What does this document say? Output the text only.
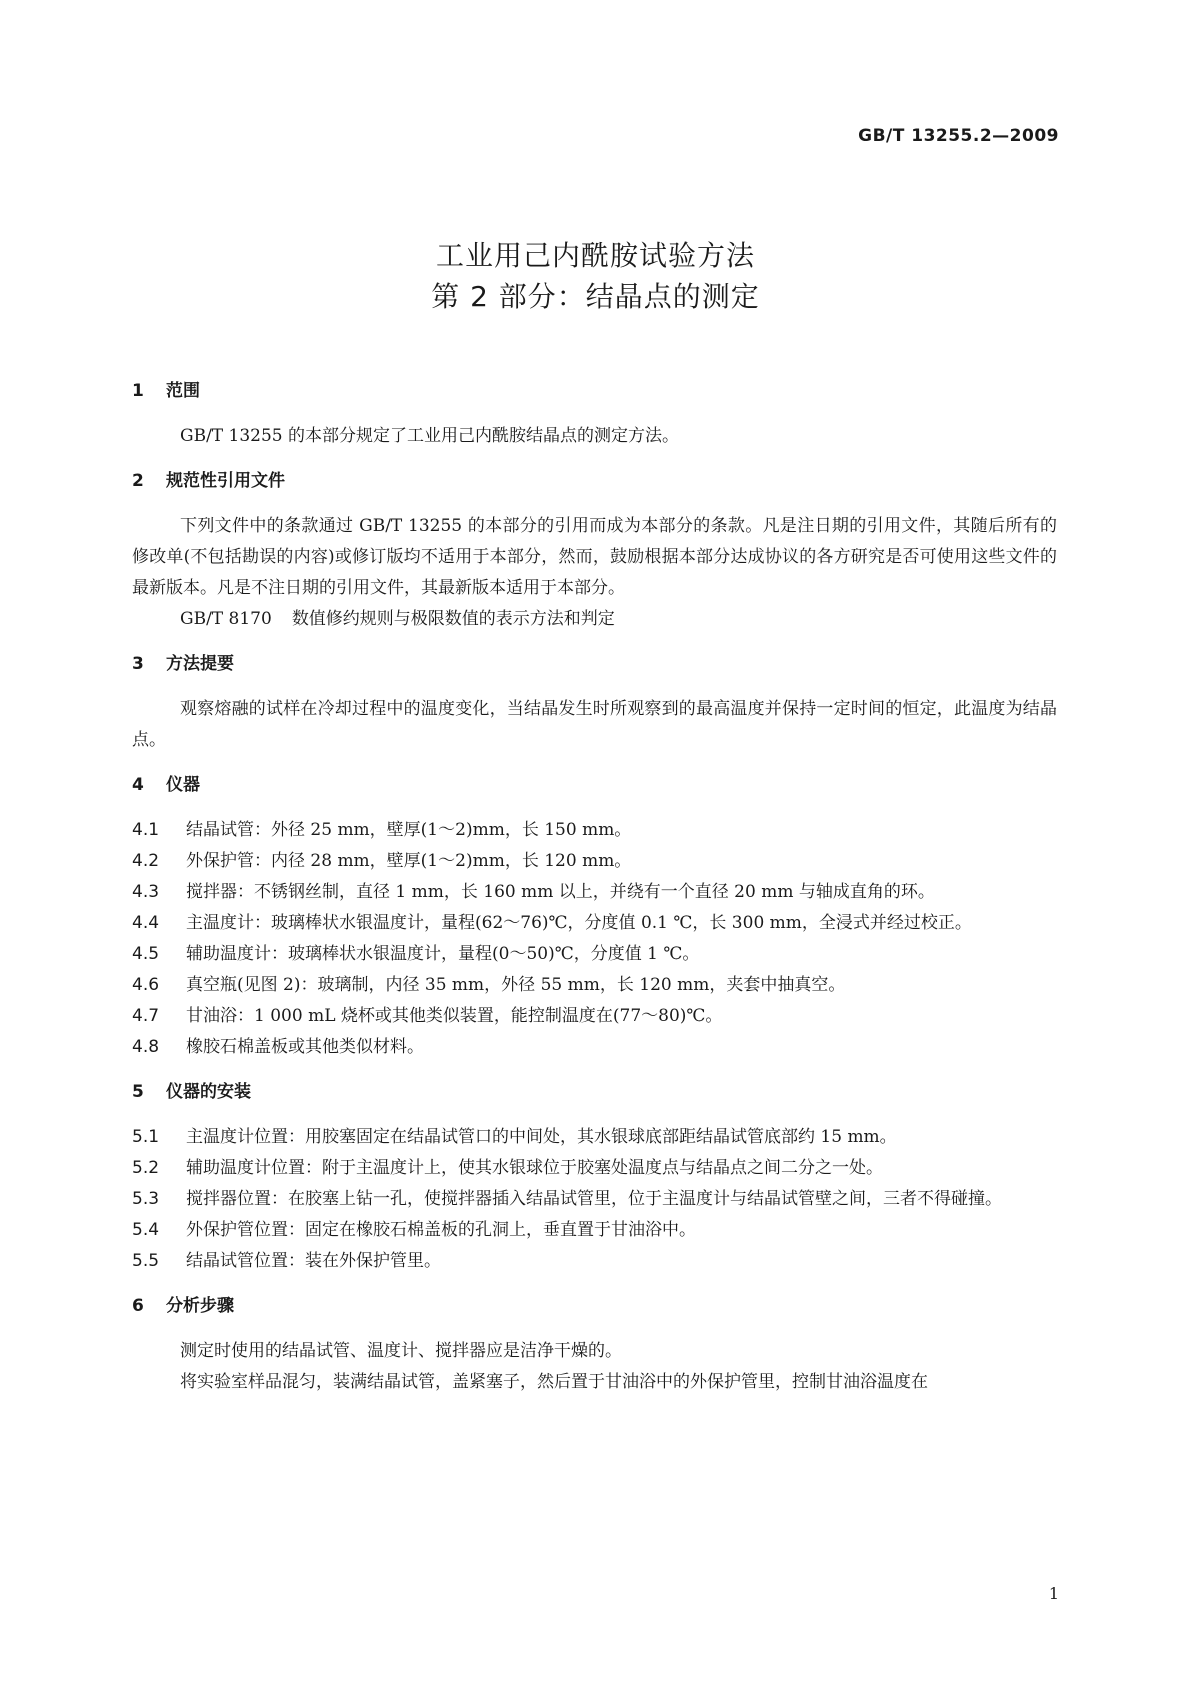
GB/T 13255.2—2009
工业用己内酰胺试验方法
第 2 部分：结晶点的测定
1 范围

GB/T 13255 的本部分规定了工业用己内酰胺结晶点的测定方法。

2 规范性引用文件

下列文件中的条款通过 GB/T 13255 的本部分的引用而成为本部分的条款。凡是注日期的引用文件，其随后所有的修改单(不包括勘误的内容)或修订版均不适用于本部分，然而，鼓励根据本部分达成协议的各方研究是否可使用这些文件的最新版本。凡是不注日期的引用文件，其最新版本适用于本部分。

GB/T 8170 数值修约规则与极限数值的表示方法和判定

3 方法提要

观察熔融的试样在冷却过程中的温度变化，当结晶发生时所观察到的最高温度并保持一定时间的恒定，此温度为结晶点。

4 仪器

4.1 结晶试管：外径 25 mm，壁厚(1～2)mm，长 150 mm。

4.2 外保护管：内径 28 mm，壁厚(1～2)mm，长 120 mm。

4.3 搅拌器：不锈钢丝制，直径 1 mm，长 160 mm 以上，并绕有一个直径 20 mm 与轴成直角的环。

4.4 主温度计：玻璃棒状水银温度计，量程(62～76)℃，分度值 0.1 ℃，长 300 mm，全浸式并经过校正。

4.5 辅助温度计：玻璃棒状水银温度计，量程(0～50)℃，分度值 1 ℃。

4.6 真空瓶(见图 2)：玻璃制，内径 35 mm，外径 55 mm，长 120 mm，夹套中抽真空。

4.7 甘油浴：1 000 mL 烧杯或其他类似装置，能控制温度在(77～80)℃。

4.8 橡胶石棉盖板或其他类似材料。

5 仪器的安装

5.1 主温度计位置：用胶塞固定在结晶试管口的中间处，其水银球底部距结晶试管底部约 15 mm。

5.2 辅助温度计位置：附于主温度计上，使其水银球位于胶塞处温度点与结晶点之间二分之一处。

5.3 搅拌器位置：在胶塞上钻一孔，使搅拌器插入结晶试管里，位于主温度计与结晶试管壁之间，三者不得碰撞。

5.4 外保护管位置：固定在橡胶石棉盖板的孔洞上，垂直置于甘油浴中。

5.5 结晶试管位置：装在外保护管里。

6 分析步骤

测定时使用的结晶试管、温度计、搅拌器应是洁净干燥的。

将实验室样品混匀，装满结晶试管，盖紧塞子，然后置于甘油浴中的外保护管里，控制甘油浴温度在

1
